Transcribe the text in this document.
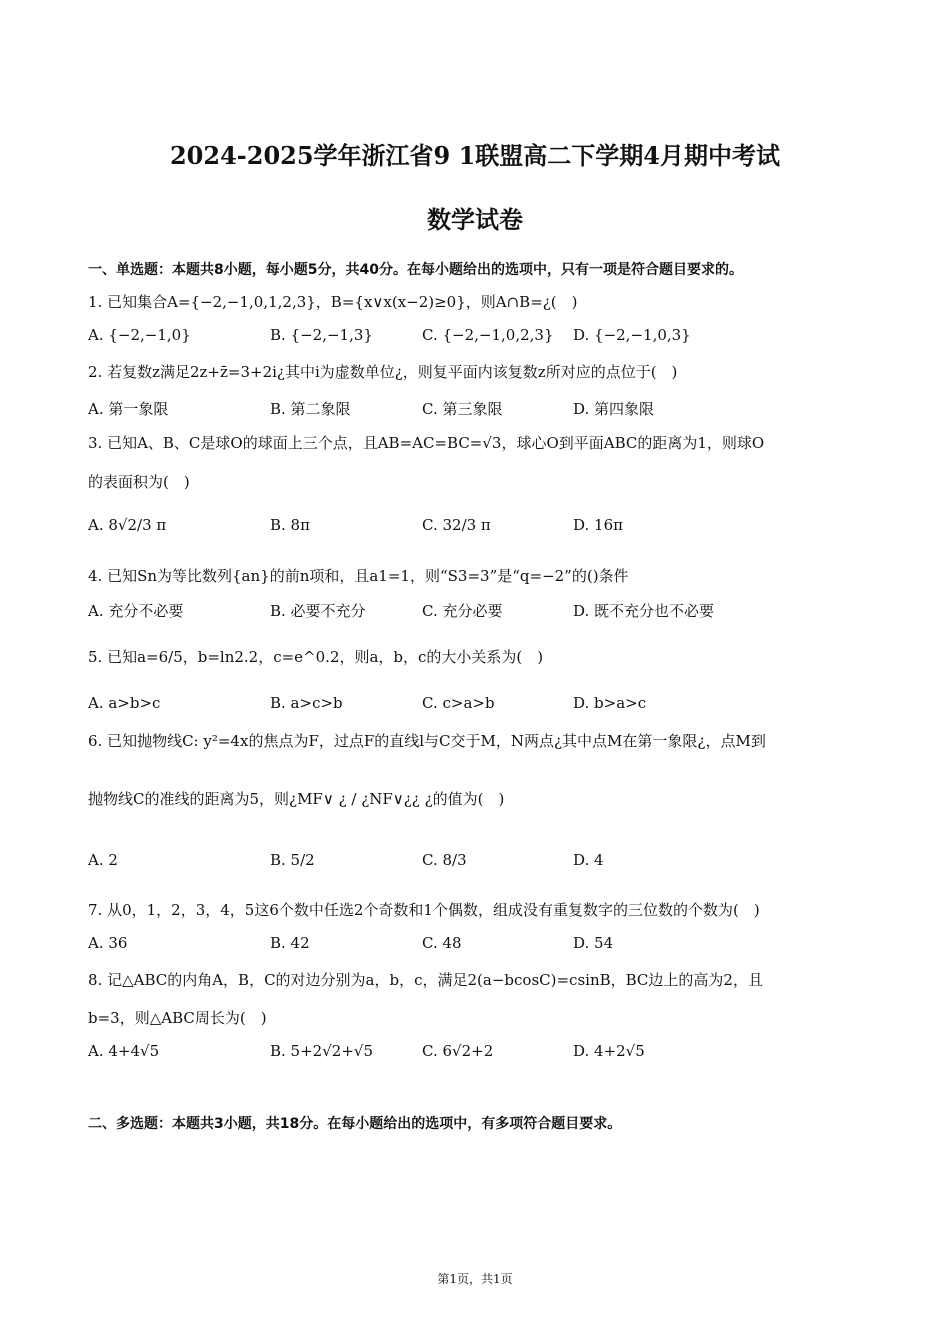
2024-2025学年浙江省9 1联盟高二下学期4月期中考试
数学试卷
一、单选题：本题共8小题，每小题5分，共40分。在每小题给出的选项中，只有一项是符合题目要求的。
1. 已知集合A={−2,−1,0,1,2,3}，B={x∨x(x−2)≥0}，则A∩B=¿(　)
A. {−2,−1,0}	B. {−2,−1,3}	C. {−2,−1,0,2,3} D. {−2,−1,0,3}
2. 若复数z满足2z+z̄=3+2i¿其中i为虚数单位¿，则复平面内该复数z所对应的点位于(　)
A. 第一象限	B. 第二象限	C. 第三象限	D. 第四象限
3. 已知A、B、C是球O的球面上三个点，且AB=AC=BC=√3，球心O到平面ABC的距离为1，则球O
的表面积为(　)
A. 8√2/3 π	B. 8π	C. 32/3 π	D. 16π
4. 已知Sn为等比数列{an}的前n项和，且a1=1，则“S3=3”是“q=−2”的()条件
A. 充分不必要	B. 必要不充分	C. 充分必要	D. 既不充分也不必要
5. 已知a=6/5，b=ln2.2，c=e^0.2，则a，b，c的大小关系为(　)
A. a>b>c	B. a>c>b	C. c>a>b	D. b>a>c
6. 已知抛物线C: y²=4x的焦点为F，过点F的直线l与C交于M，N两点¿其中点M在第一象限¿，点M到
抛物线C的准线的距离为5，则¿MF∨ ¿ / ¿NF∨¿¿ ¿的值为(　)
A. 2	B. 5/2	C. 8/3	D. 4
7. 从0，1，2，3，4，5这6个数中任选2个奇数和1个偶数，组成没有重复数字的三位数的个数为(　)
A. 36	B. 42	C. 48	D. 54
8. 记△ABC的内角A，B，C的对边分别为a，b，c，满足2(a−bcosC)=csinB，BC边上的高为2，且
b=3，则△ABC周长为(　)
A. 4+4√5	B. 5+2√2+√5	C. 6√2+2	D. 4+2√5
二、多选题：本题共3小题，共18分。在每小题给出的选项中，有多项符合题目要求。
第1页，共1页
